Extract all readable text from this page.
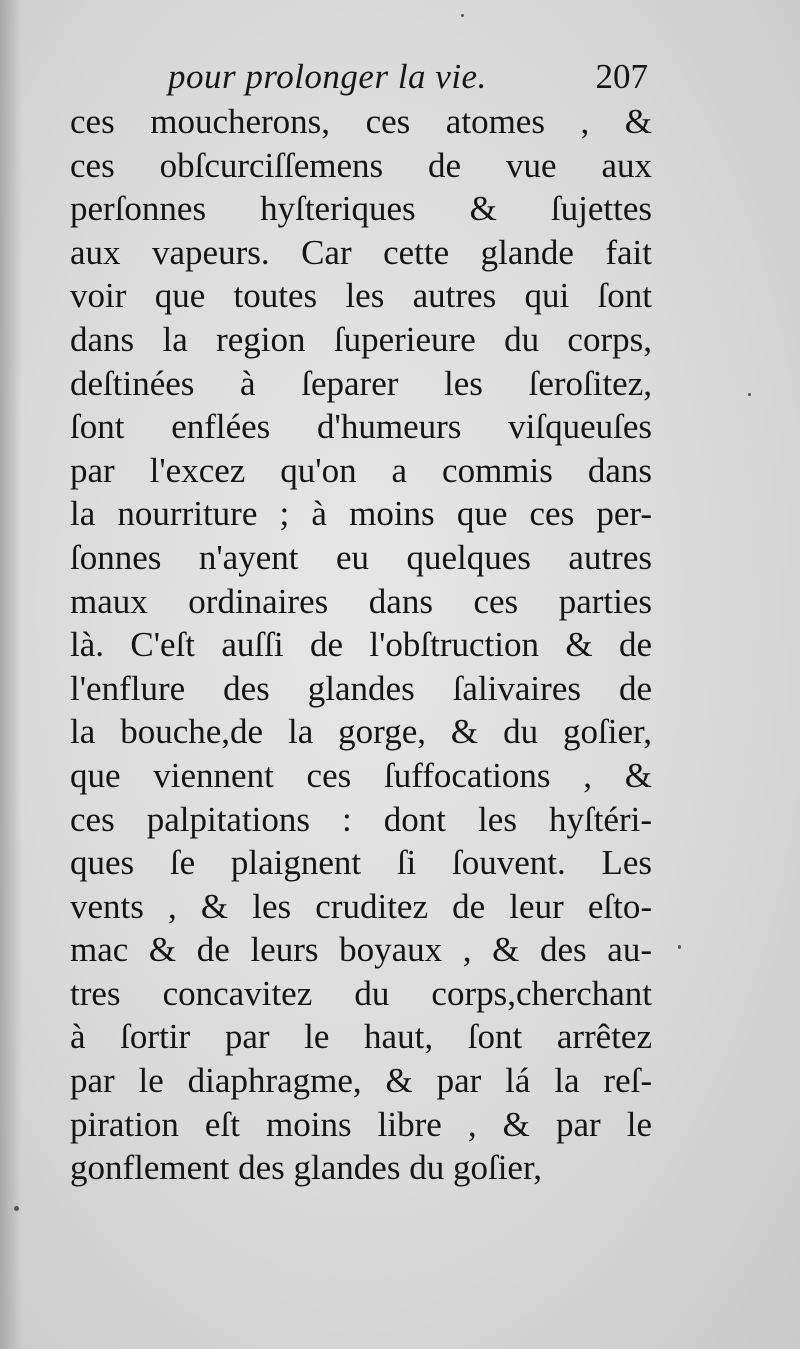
pour prolonger la vie.	207
ces moucherons, ces atomes , &
ces obſcurciſſemens de vue aux
perſonnes hyſteriques & ſujettes
aux vapeurs. Car cette glande fait
voir que toutes les autres qui ſont
dans la region ſuperieure du corps,
deſtinées à ſeparer les ſeroſitez,
ſont enflées d'humeurs viſqueuſes
par l'excez qu'on a commis dans
la nourriture ; à moins que ces per-
ſonnes n'ayent eu quelques autres
maux ordinaires dans ces parties
là. C'eſt auſſi de l'obſtruction & de
l'enflure des glandes ſalivaires de
la bouche,de la gorge, & du goſier,
que viennent ces ſuffocations , &
ces palpitations : dont les hyſtéri-
ques ſe plaignent ſi ſouvent. Les
vents , & les cruditez de leur eſto-
mac & de leurs boyaux , & des au-
tres concavitez du corps,cherchant
à ſortir par le haut, ſont arrêtez
par le diaphragme, & par lá la reſ-
piration eſt moins libre , & par le
gonflement des glandes du goſier,
